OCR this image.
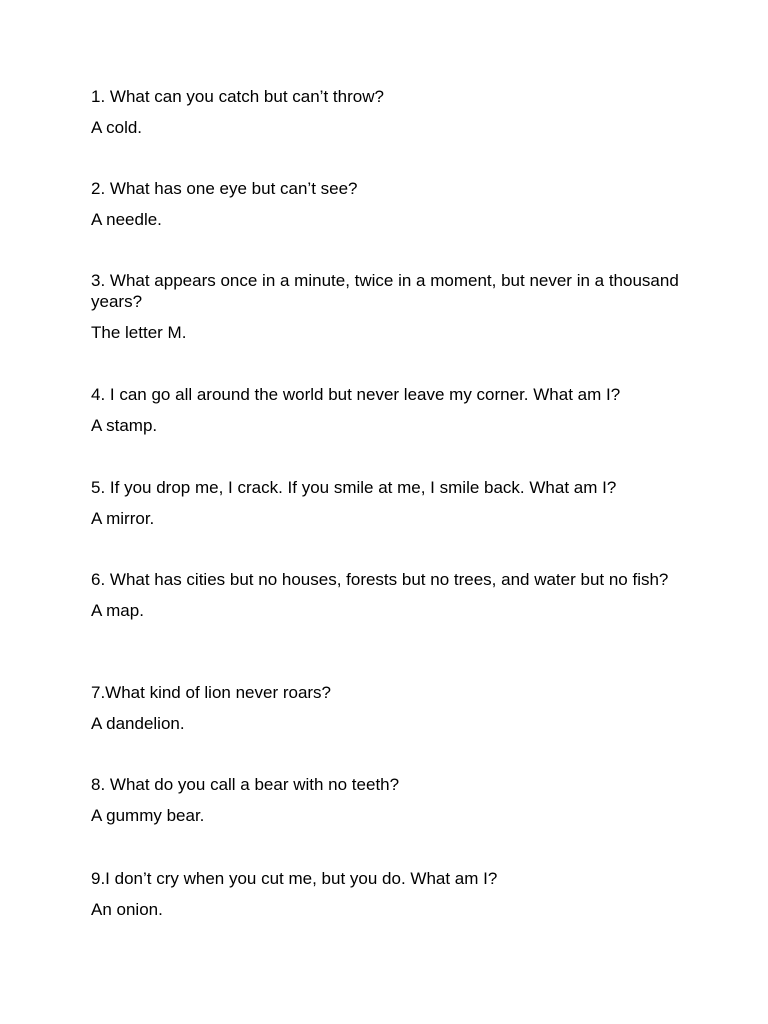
1. What can you catch but can’t throw?

A cold.

2. What has one eye but can’t see?

A needle.

3. What appears once in a minute, twice in a moment, but never in a thousand years?

The letter M.

4. I can go all around the world but never leave my corner. What am I?

A stamp.

5. If you drop me, I crack. If you smile at me, I smile back. What am I?

A mirror.

6. What has cities but no houses, forests but no trees, and water but no fish?

A map.

7.What kind of lion never roars?

A dandelion.

8. What do you call a bear with no teeth?

A gummy bear.

9.I don’t cry when you cut me, but you do. What am I?

An onion.
